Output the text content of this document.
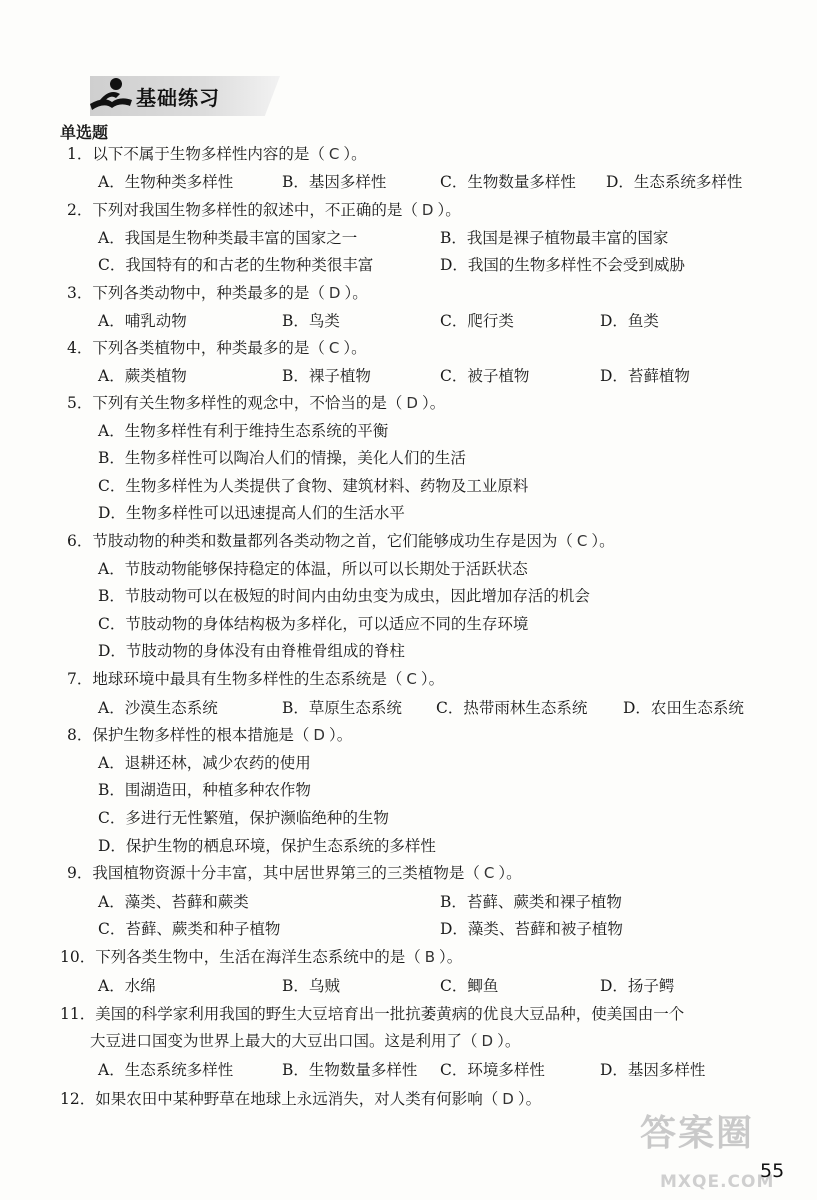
基础练习
单选题
1．以下不属于生物多样性内容的是（ C ）。
A．生物种类多样性	B．基因多样性	C．生物数量多样性 D．生态系统多样性
2．下列对我国生物多样性的叙述中，不正确的是（ D ）。
A．我国是生物种类最丰富的国家之一	B．我国是裸子植物最丰富的国家
C．我国特有的和古老的生物种类很丰富	D．我国的生物多样性不会受到威胁
3．下列各类动物中，种类最多的是（ D ）。
A．哺乳动物	B．鸟类	C．爬行类	D．鱼类
4．下列各类植物中，种类最多的是（ C ）。
A．蕨类植物	B．裸子植物	C．被子植物	D．苔藓植物
5．下列有关生物多样性的观念中，不恰当的是（ D ）。
A．生物多样性有利于维持生态系统的平衡
B．生物多样性可以陶冶人们的情操，美化人们的生活
C．生物多样性为人类提供了食物、建筑材料、药物及工业原料
D．生物多样性可以迅速提高人们的生活水平
6．节肢动物的种类和数量都列各类动物之首，它们能够成功生存是因为（ C ）。
A．节肢动物能够保持稳定的体温，所以可以长期处于活跃状态
B．节肢动物可以在极短的时间内由幼虫变为成虫，因此增加存活的机会
C．节肢动物的身体结构极为多样化，可以适应不同的生存环境
D．节肢动物的身体没有由脊椎骨组成的脊柱
7．地球环境中最具有生物多样性的生态系统是（ C ）。
A．沙漠生态系统	B．草原生态系统 C．热带雨林生态系统 D．农田生态系统
8．保护生物多样性的根本措施是（ D ）。
A．退耕还林，减少农药的使用
B．围湖造田，种植多种农作物
C．多进行无性繁殖，保护濒临绝种的生物
D．保护生物的栖息环境，保护生态系统的多样性
9．我国植物资源十分丰富，其中居世界第三的三类植物是（ C ）。
A．藻类、苔藓和蕨类	B．苔藓、蕨类和裸子植物
C．苔藓、蕨类和种子植物	D．藻类、苔藓和被子植物
10．下列各类生物中，生活在海洋生态系统中的是（ B ）。
A．水绵	B．乌贼	C．鲫鱼	D．扬子鳄
11．美国的科学家利用我国的野生大豆培育出一批抗萎黄病的优良大豆品种，使美国由一个
大豆进口国变为世界上最大的大豆出口国。这是利用了（ D ）。
A．生态系统多样性	B．生物数量多样性 C．环境多样性	D．基因多样性
12．如果农田中某种野草在地球上永远消失，对人类有何影响（ D ）。
答案圈
MXQE.COM
55
